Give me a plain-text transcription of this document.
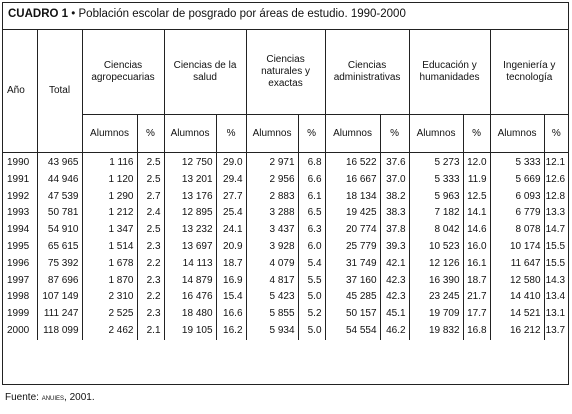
CUADRO 1 • Población escolar de posgrado por áreas de estudio. 1990-2000
Año	Total	Ciencias agropecuarias		Ciencias de la salud		Ciencias naturales y exactas		Ciencias administrativas		Educación y humanidades		Ingeniería y tecnología	
		Alumnos	%	Alumnos	%	Alumnos	%	Alumnos	%	Alumnos	%	Alumnos	%
1990	43 965	1 116	2.5	12 750	29.0	2 971	6.8	16 522	37.6	5 273	12.0	5 333	12.1
1991	44 946	1 120	2.5	13 201	29.4	2 956	6.6	16 667	37.0	5 333	11.9	5 669	12.6
1992	47 539	1 290	2.7	13 176	27.7	2 883	6.1	18 134	38.2	5 963	12.5	6 093	12.8
1993	50 781	1 212	2.4	12 895	25.4	3 288	6.5	19 425	38.3	7 182	14.1	6 779	13.3
1994	54 910	1 347	2.5	13 232	24.1	3 437	6.3	20 774	37.8	8 042	14.6	8 078	14.7
1995	65 615	1 514	2.3	13 697	20.9	3 928	6.0	25 779	39.3	10 523	16.0	10 174	15.5
1996	75 392	1 678	2.2	14 113	18.7	4 079	5.4	31 749	42.1	12 126	16.1	11 647	15.5
1997	87 696	1 870	2.3	14 879	16.9	4 817	5.5	37 160	42.3	16 390	18.7	12 580	14.3
1998	107 149	2 310	2.2	16 476	15.4	5 423	5.0	45 285	42.3	23 245	21.7	14 410	13.4
1999	111 247	2 525	2.3	18 480	16.6	5 855	5.2	50 157	45.1	19 709	17.7	14 521	13.1
2000	118 099	2 462	2.1	19 105	16.2	5 934	5.0	54 554	46.2	19 832	16.8	16 212	13.7
Fuente: anuies, 2001.
